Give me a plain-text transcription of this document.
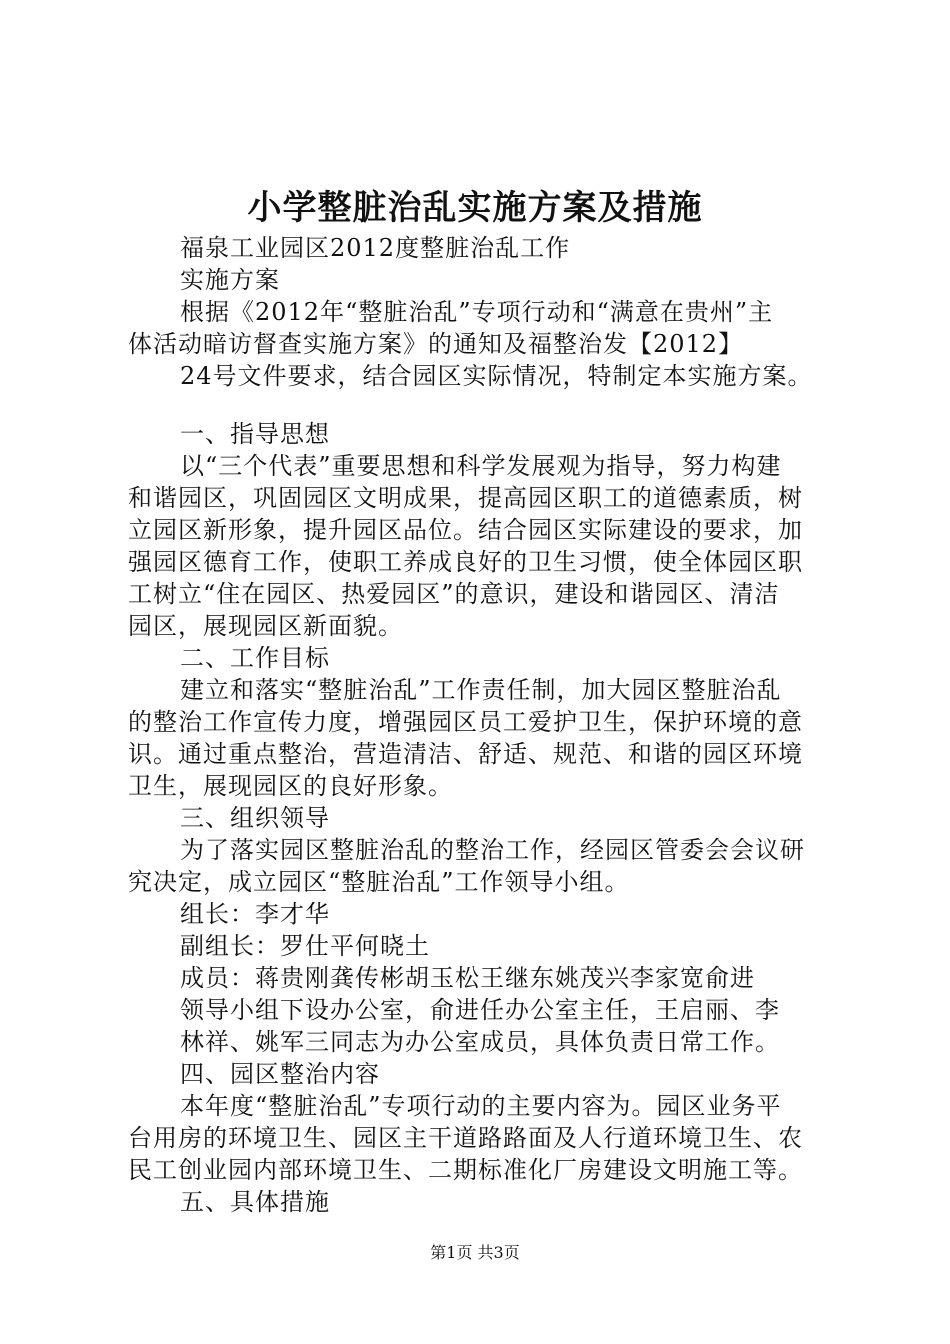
小学整脏治乱实施方案及措施
福泉工业园区2012度整脏治乱工作
实施方案
根据《2012年“整脏治乱”专项行动和“满意在贵州”主
体活动暗访督查实施方案》的通知及福整治发【2012】
24号文件要求，结合园区实际情况，特制定本实施方案。
一、指导思想
以“三个代表”重要思想和科学发展观为指导，努力构建
和谐园区，巩固园区文明成果，提高园区职工的道德素质，树
立园区新形象，提升园区品位。结合园区实际建设的要求，加
强园区德育工作，使职工养成良好的卫生习惯，使全体园区职
工树立“住在园区、热爱园区”的意识，建设和谐园区、清洁
园区，展现园区新面貌。
二、工作目标
建立和落实“整脏治乱”工作责任制，加大园区整脏治乱
的整治工作宣传力度，增强园区员工爱护卫生，保护环境的意
识。通过重点整治，营造清洁、舒适、规范、和谐的园区环境
卫生，展现园区的良好形象。
三、组织领导
为了落实园区整脏治乱的整治工作，经园区管委会会议研
究决定，成立园区“整脏治乱”工作领导小组。
组长：李才华
副组长：罗仕平何晓土
成员：蒋贵刚龚传彬胡玉松王继东姚茂兴李家宽俞进
领导小组下设办公室，俞进任办公室主任，王启丽、李
林祥、姚军三同志为办公室成员，具体负责日常工作。
四、园区整治内容
本年度“整脏治乱”专项行动的主要内容为。园区业务平
台用房的环境卫生、园区主干道路路面及人行道环境卫生、农
民工创业园内部环境卫生、二期标准化厂房建设文明施工等。
五、具体措施
第1页 共3页
